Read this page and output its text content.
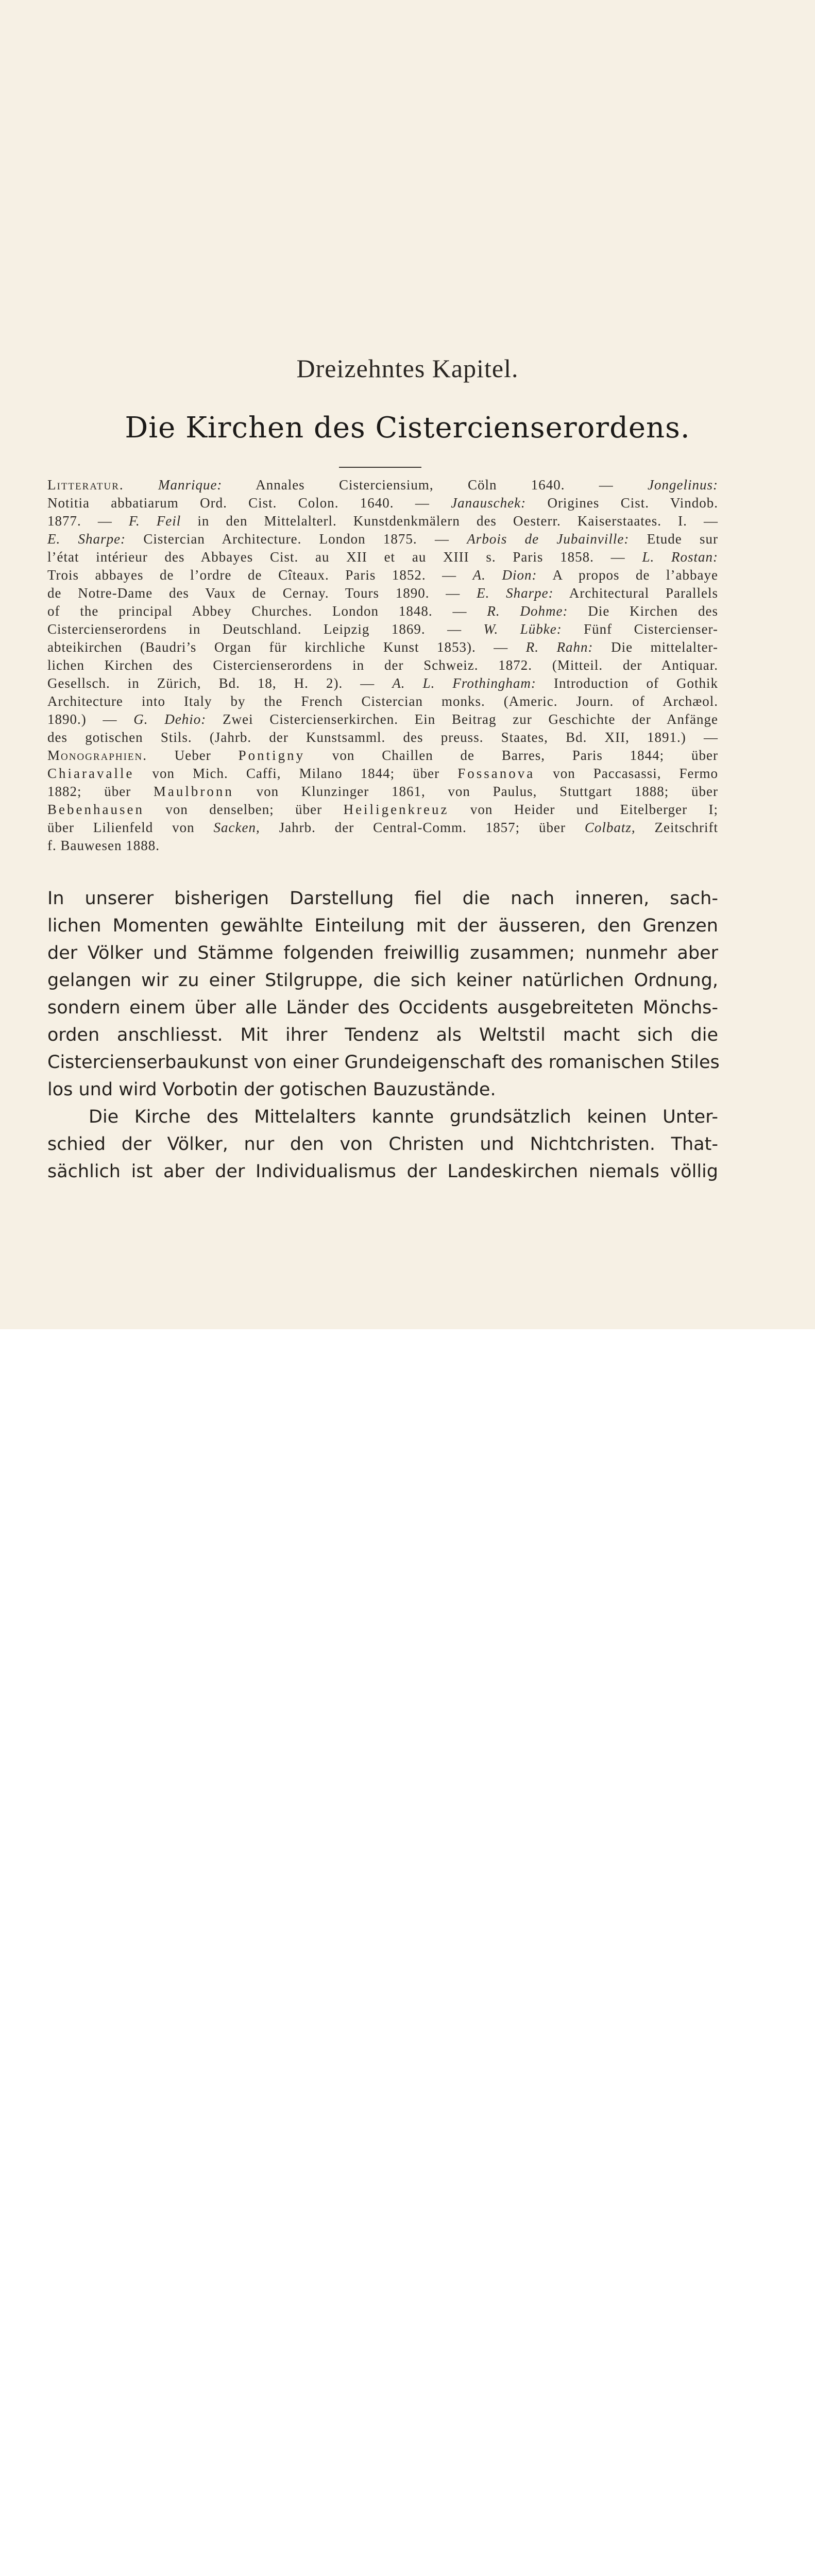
Dreizehntes Kapitel.
Die Kirchen des Cistercienserordens.
Litteratur. Manrique: Annales Cisterciensium, Cöln 1640. — Jongelinus:
Notitia abbatiarum Ord. Cist. Colon. 1640. — Janauschek: Origines Cist. Vindob.
1877. — F. Feil in den Mittelalterl. Kunstdenkmälern des Oesterr. Kaiserstaates. I. —
E. Sharpe: Cistercian Architecture. London 1875. — Arbois de Jubainville: Etude sur
l’état intérieur des Abbayes Cist. au XII et au XIII s. Paris 1858. — L. Rostan:
Trois abbayes de l’ordre de Cîteaux. Paris 1852. — A. Dion: A propos de l’abbaye
de Notre-Dame des Vaux de Cernay. Tours 1890. — E. Sharpe: Architectural Parallels
of the principal Abbey Churches. London 1848. — R. Dohme: Die Kirchen des
Cistercienserordens in Deutschland. Leipzig 1869. — W. Lübke: Fünf Cistercienser-
abteikirchen (Baudri’s Organ für kirchliche Kunst 1853). — R. Rahn: Die mittelalter-
lichen Kirchen des Cistercienserordens in der Schweiz. 1872. (Mitteil. der Antiquar.
Gesellsch. in Zürich, Bd. 18, H. 2). — A. L. Frothingham: Introduction of Gothik
Architecture into Italy by the French Cistercian monks. (Americ. Journ. of Archæol.
1890.) — G. Dehio: Zwei Cistercienserkirchen. Ein Beitrag zur Geschichte der Anfänge
des gotischen Stils. (Jahrb. der Kunstsamml. des preuss. Staates, Bd. XII, 1891.) —
Monographien. Ueber Pontigny von Chaillen de Barres, Paris 1844; über
Chiaravalle von Mich. Caffi, Milano 1844; über Fossanova von Paccasassi, Fermo
1882; über Maulbronn von Klunzinger 1861, von Paulus, Stuttgart 1888; über
Bebenhausen von denselben; über Heiligenkreuz von Heider und Eitelberger I;
über Lilienfeld von Sacken, Jahrb. der Central-Comm. 1857; über Colbatz, Zeitschrift
f. Bauwesen 1888.
In unserer bisherigen Darstellung fiel die nach inneren, sach-
lichen Momenten gewählte Einteilung mit der äusseren, den Grenzen
der Völker und Stämme folgenden freiwillig zusammen; nunmehr aber
gelangen wir zu einer Stilgruppe, die sich keiner natürlichen Ordnung,
sondern einem über alle Länder des Occidents ausgebreiteten Mönchs-
orden anschliesst. Mit ihrer Tendenz als Weltstil macht sich die
Cistercienserbaukunst von einer Grundeigenschaft des romanischen Stiles
los und wird Vorbotin der gotischen Bauzustände.
Die Kirche des Mittelalters kannte grundsätzlich keinen Unter-
schied der Völker, nur den von Christen und Nichtchristen. That-
sächlich ist aber der Individualismus der Landeskirchen niemals völlig
